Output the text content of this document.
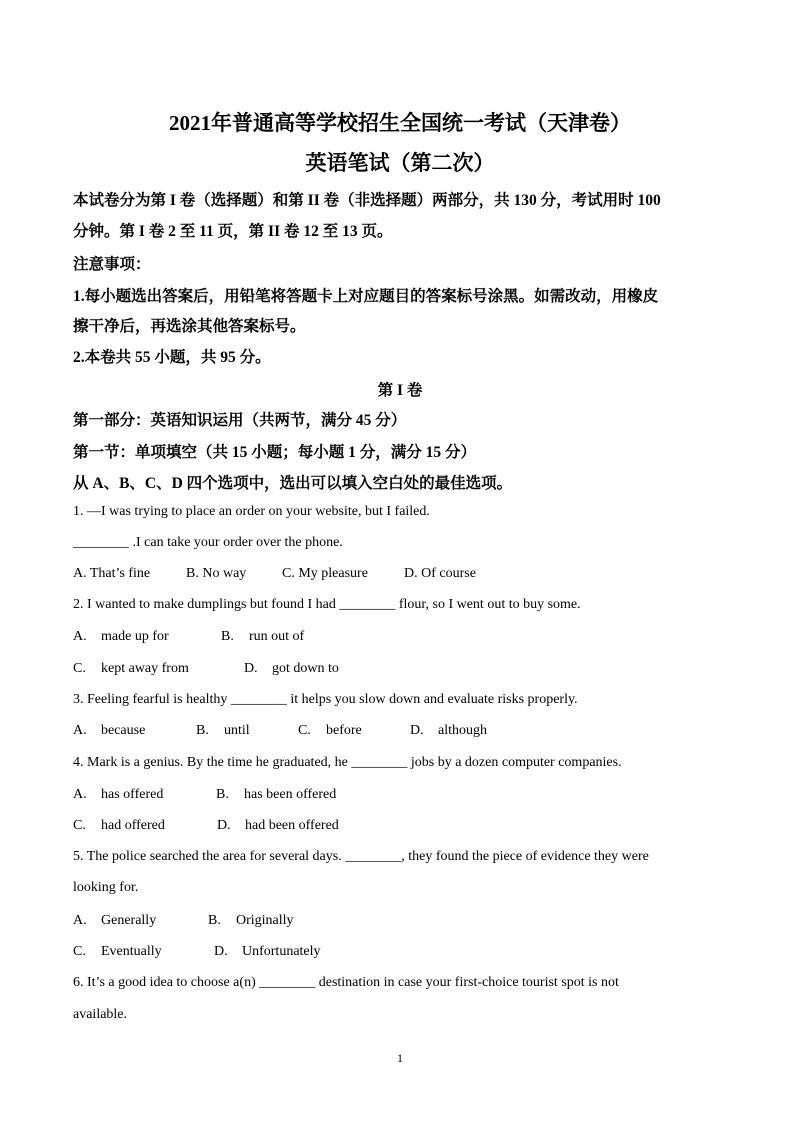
2021年普通高等学校招生全国统一考试（天津卷）
英语笔试（第二次）
本试卷分为第 I 卷（选择题）和第 II 卷（非选择题）两部分，共 130 分，考试用时 100
分钟。第 I 卷 2 至 11 页，第 II 卷 12 至 13 页。
注意事项：
1.每小题选出答案后，用铅笔将答题卡上对应题目的答案标号涂黑。如需改动，用橡皮
擦干净后，再选涂其他答案标号。
2.本卷共 55 小题，共 95 分。
第 I 卷
第一部分：英语知识运用（共两节，满分 45 分）
第一节：单项填空（共 15 小题；每小题 1 分，满分 15 分）
从 A、B、C、D 四个选项中，选出可以填入空白处的最佳选项。
1. —I was trying to place an order on your website, but I failed.
________ .I can take your order over the phone.
A. That’s fine	B. No way	C. My pleasure	D. Of course
2. I wanted to make dumplings but found I had ________ flour, so I went out to buy some.
A. made up for	B. run out of
C. kept away from	D. got down to
3. Feeling fearful is healthy ________ it helps you slow down and evaluate risks properly.
A. because	B. until	C. before	D. although
4. Mark is a genius. By the time he graduated, he ________ jobs by a dozen computer companies.
A. has offered	B. has been offered
C. had offered	D. had been offered
5. The police searched the area for several days. ________, they found the piece of evidence they were
looking for.
A. Generally	B. Originally
C. Eventually	D. Unfortunately
6. It’s a good idea to choose a(n) ________ destination in case your first-choice tourist spot is not
available.
1
